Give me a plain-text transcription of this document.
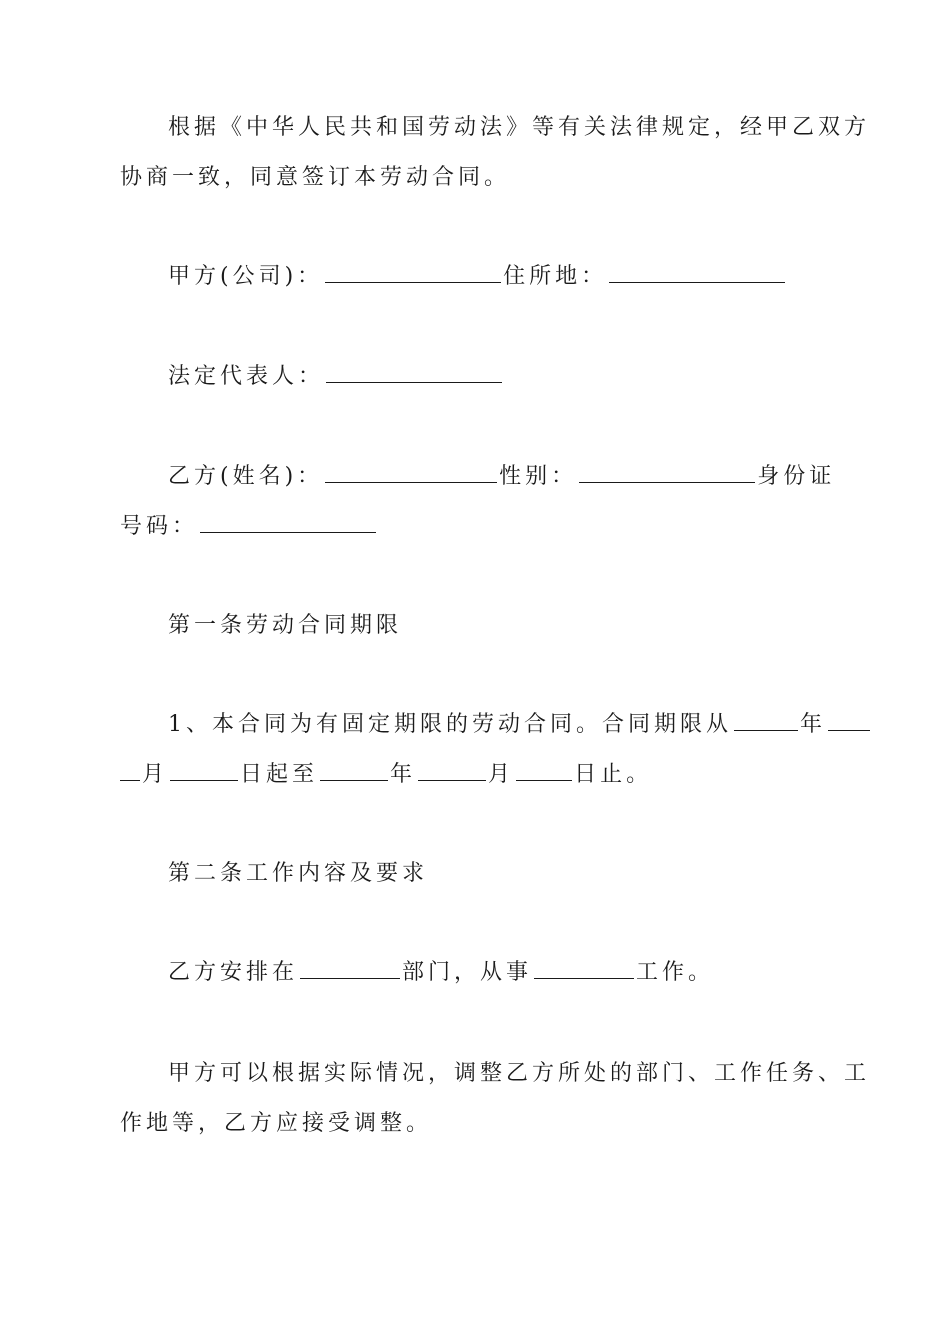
根据《中华人民共和国劳动法》等有关法律规定，经甲乙双方
协商一致，同意签订本劳动合同。
甲方(公司)：	住所地：
法定代表人：
乙方(姓名)：	性别：	身份证
号码：
第一条劳动合同期限
1、本合同为有固定期限的劳动合同。合同期限从	年
月	日起至	年	月	日止。
第二条工作内容及要求
乙方安排在	部门，从事	工作。
甲方可以根据实际情况，调整乙方所处的部门、工作任务、工
作地等，乙方应接受调整。
